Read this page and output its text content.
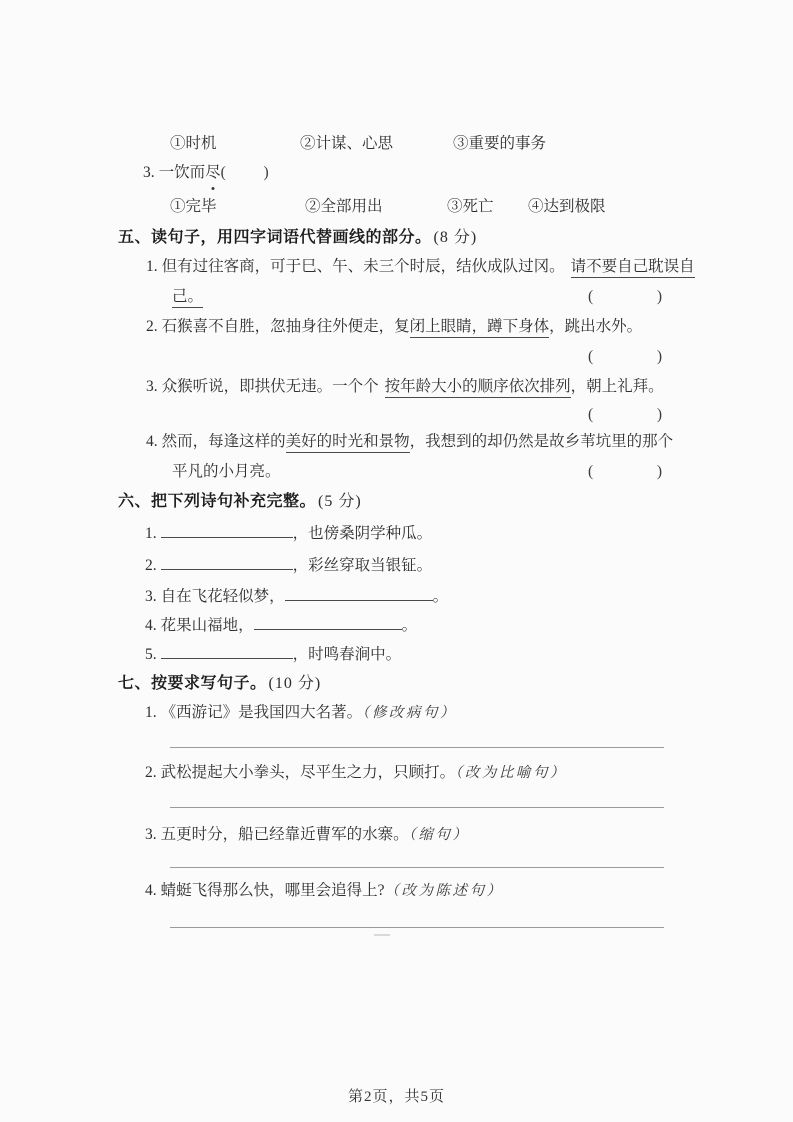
①时机	②计谋、心思	③重要的事务
3. 一饮而尽 ( )
①完毕	②全部用出	③死亡 ④达到极限
五、读句子，用四字词语代替画线的部分。 (8 分)
1. 但有过往客商，可于巳、午、未三个时辰，结伙成队过冈。 请不要自己耽误自
己。	(	)
2. 石猴喜不自胜，忽抽身往外便走，复闭上眼睛，蹲下身体，跳出水外。
(	)
3. 众猴听说，即拱伏无违。一个个 按年龄大小的顺序依次排列，朝上礼拜。
(	)
4. 然而，每逢这样的美好的时光和景物，我想到的却仍然是故乡苇坑里的那个
平凡的小月亮。	(	)
六、把下列诗句补充完整。 (5 分)
1.	，也傍桑阴学种瓜。
2.	，彩丝穿取当银钲。
3. 自在飞花轻似梦，	。
4. 花果山福地，	。
5.	，时鸣春涧中。
七、按要求写句子。 (10 分)
1. 《西游记》是我国四大名著。（修改病句）
2. 武松提起大小拳头，尽平生之力，只顾打。（改为比喻句）
3. 五更时分，船已经靠近曹军的水寨。（缩句）
4. 蜻蜓飞得那么快，哪里会追得上?（改为陈述句）
第2页，共5页
